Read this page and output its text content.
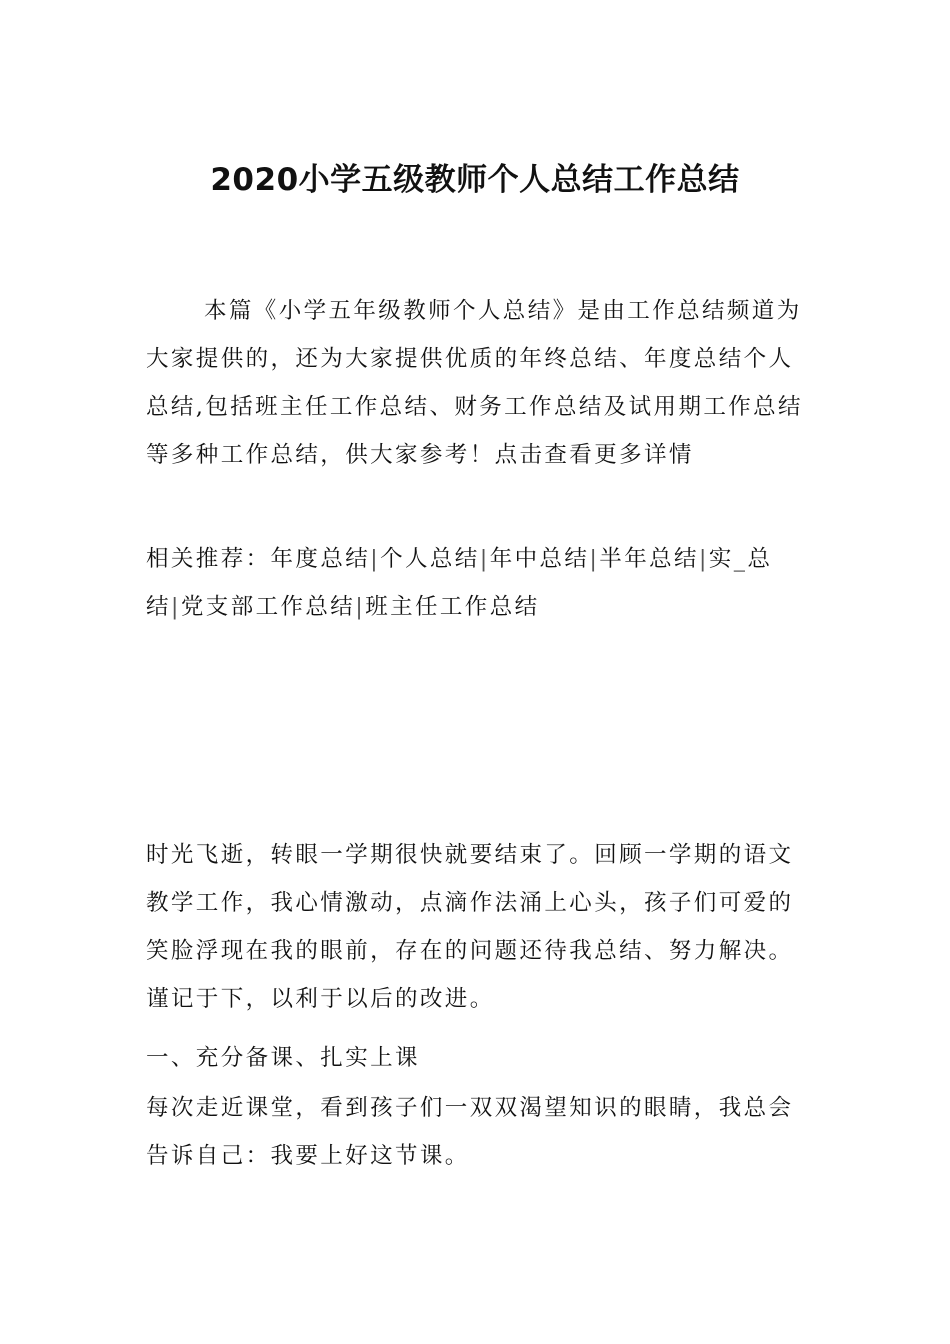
2020小学五级教师个人总结工作总结

本篇《小学五年级教师个人总结》是由工作总结频道为大家提供的，还为大家提供优质的年终总结、年度总结个人总结,包括班主任工作总结、财务工作总结及试用期工作总结等多种工作总结，供大家参考！点击查看更多详情

相关推荐：年度总结|个人总结|年中总结|半年总结|实_总结|党支部工作总结|班主任工作总结

时光飞逝，转眼一学期很快就要结束了。回顾一学期的语文教学工作，我心情激动，点滴作法涌上心头，孩子们可爱的笑脸浮现在我的眼前，存在的问题还待我总结、努力解决。谨记于下，以利于以后的改进。

一、充分备课、扎实上课

每次走近课堂，看到孩子们一双双渴望知识的眼睛，我总会告诉自己：我要上好这节课。
